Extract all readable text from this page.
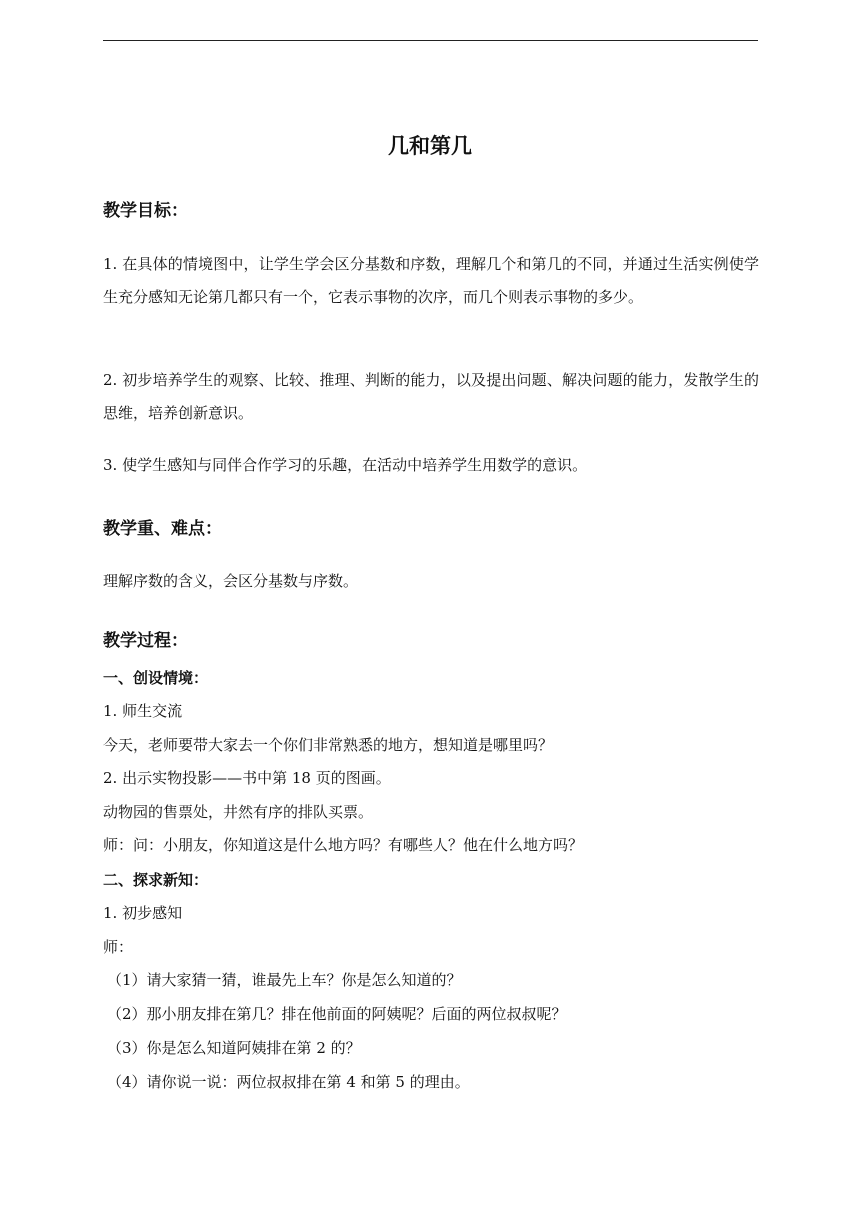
几和第几
教学目标：

1. 在具体的情境图中，让学生学会区分基数和序数，理解几个和第几的不同，并通过生活实例使学生充分感知无论第几都只有一个，它表示事物的次序，而几个则表示事物的多少。

2. 初步培养学生的观察、比较、推理、判断的能力，以及提出问题、解决问题的能力，发散学生的思维，培养创新意识。

3. 使学生感知与同伴合作学习的乐趣，在活动中培养学生用数学的意识。

教学重、难点：

理解序数的含义，会区分基数与序数。

教学过程：
一、创设情境：

1. 师生交流

今天，老师要带大家去一个你们非常熟悉的地方，想知道是哪里吗？

2. 出示实物投影——书中第 18 页的图画。

动物园的售票处，井然有序的排队买票。

师：问：小朋友，你知道这是什么地方吗？有哪些人？他在什么地方吗？

二、探求新知：

1. 初步感知

师：

（1）请大家猜一猜，谁最先上车？你是怎么知道的？

（2）那小朋友排在第几？排在他前面的阿姨呢？后面的两位叔叔呢？

（3）你是怎么知道阿姨排在第 2 的？

（4）请你说一说：两位叔叔排在第 4 和第 5 的理由。
